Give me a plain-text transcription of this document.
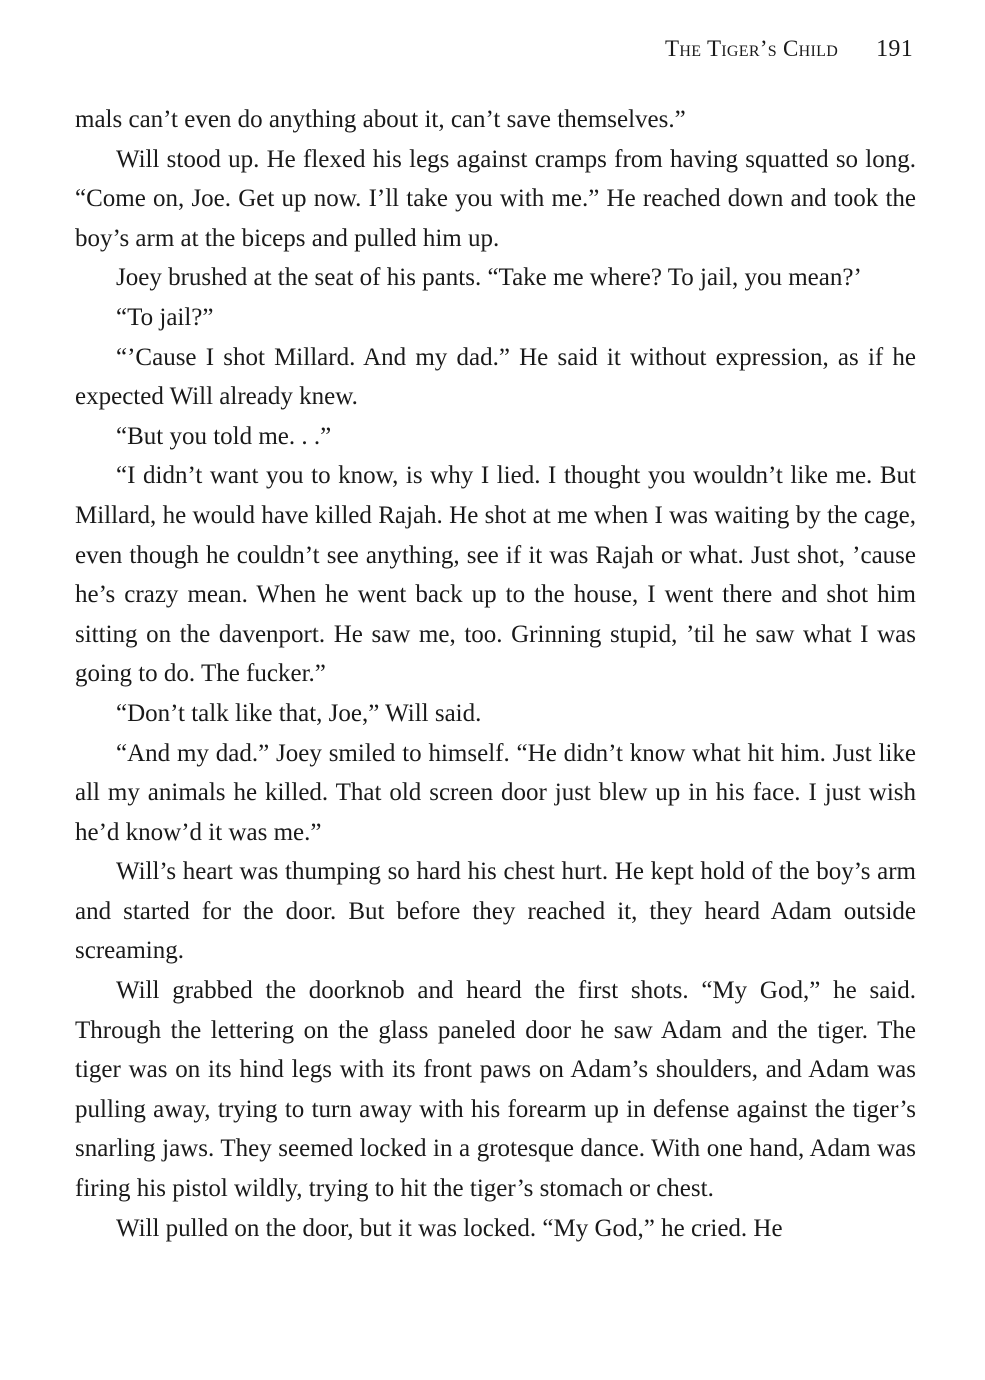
The Tiger’s Child 191

mals can’t even do anything about it, can’t save themselves.”

Will stood up. He flexed his legs against cramps from having squatted so long. “Come on, Joe. Get up now. I’ll take you with me.” He reached down and took the boy’s arm at the biceps and pulled him up.

Joey brushed at the seat of his pants. “Take me where? To jail, you mean?’

“To jail?”

“’Cause I shot Millard. And my dad.” He said it without expression, as if he expected Will already knew.

“But you told me. . .”

“I didn’t want you to know, is why I lied. I thought you wouldn’t like me. But Millard, he would have killed Rajah. He shot at me when I was waiting by the cage, even though he couldn’t see anything, see if it was Rajah or what. Just shot, ’cause he’s crazy mean. When he went back up to the house, I went there and shot him sitting on the davenport. He saw me, too. Grinning stupid, ’til he saw what I was going to do. The fucker.”

“Don’t talk like that, Joe,” Will said.

“And my dad.” Joey smiled to himself. “He didn’t know what hit him. Just like all my animals he killed. That old screen door just blew up in his face. I just wish he’d know’d it was me.”

Will’s heart was thumping so hard his chest hurt. He kept hold of the boy’s arm and started for the door. But before they reached it, they heard Adam outside screaming.

Will grabbed the doorknob and heard the first shots. “My God,” he said. Through the lettering on the glass paneled door he saw Adam and the tiger. The tiger was on its hind legs with its front paws on Adam’s shoulders, and Adam was pulling away, trying to turn away with his forearm up in defense against the tiger’s snarling jaws. They seemed locked in a grotesque dance. With one hand, Adam was firing his pistol wildly, trying to hit the tiger’s stomach or chest.

Will pulled on the door, but it was locked. “My God,” he cried. He
